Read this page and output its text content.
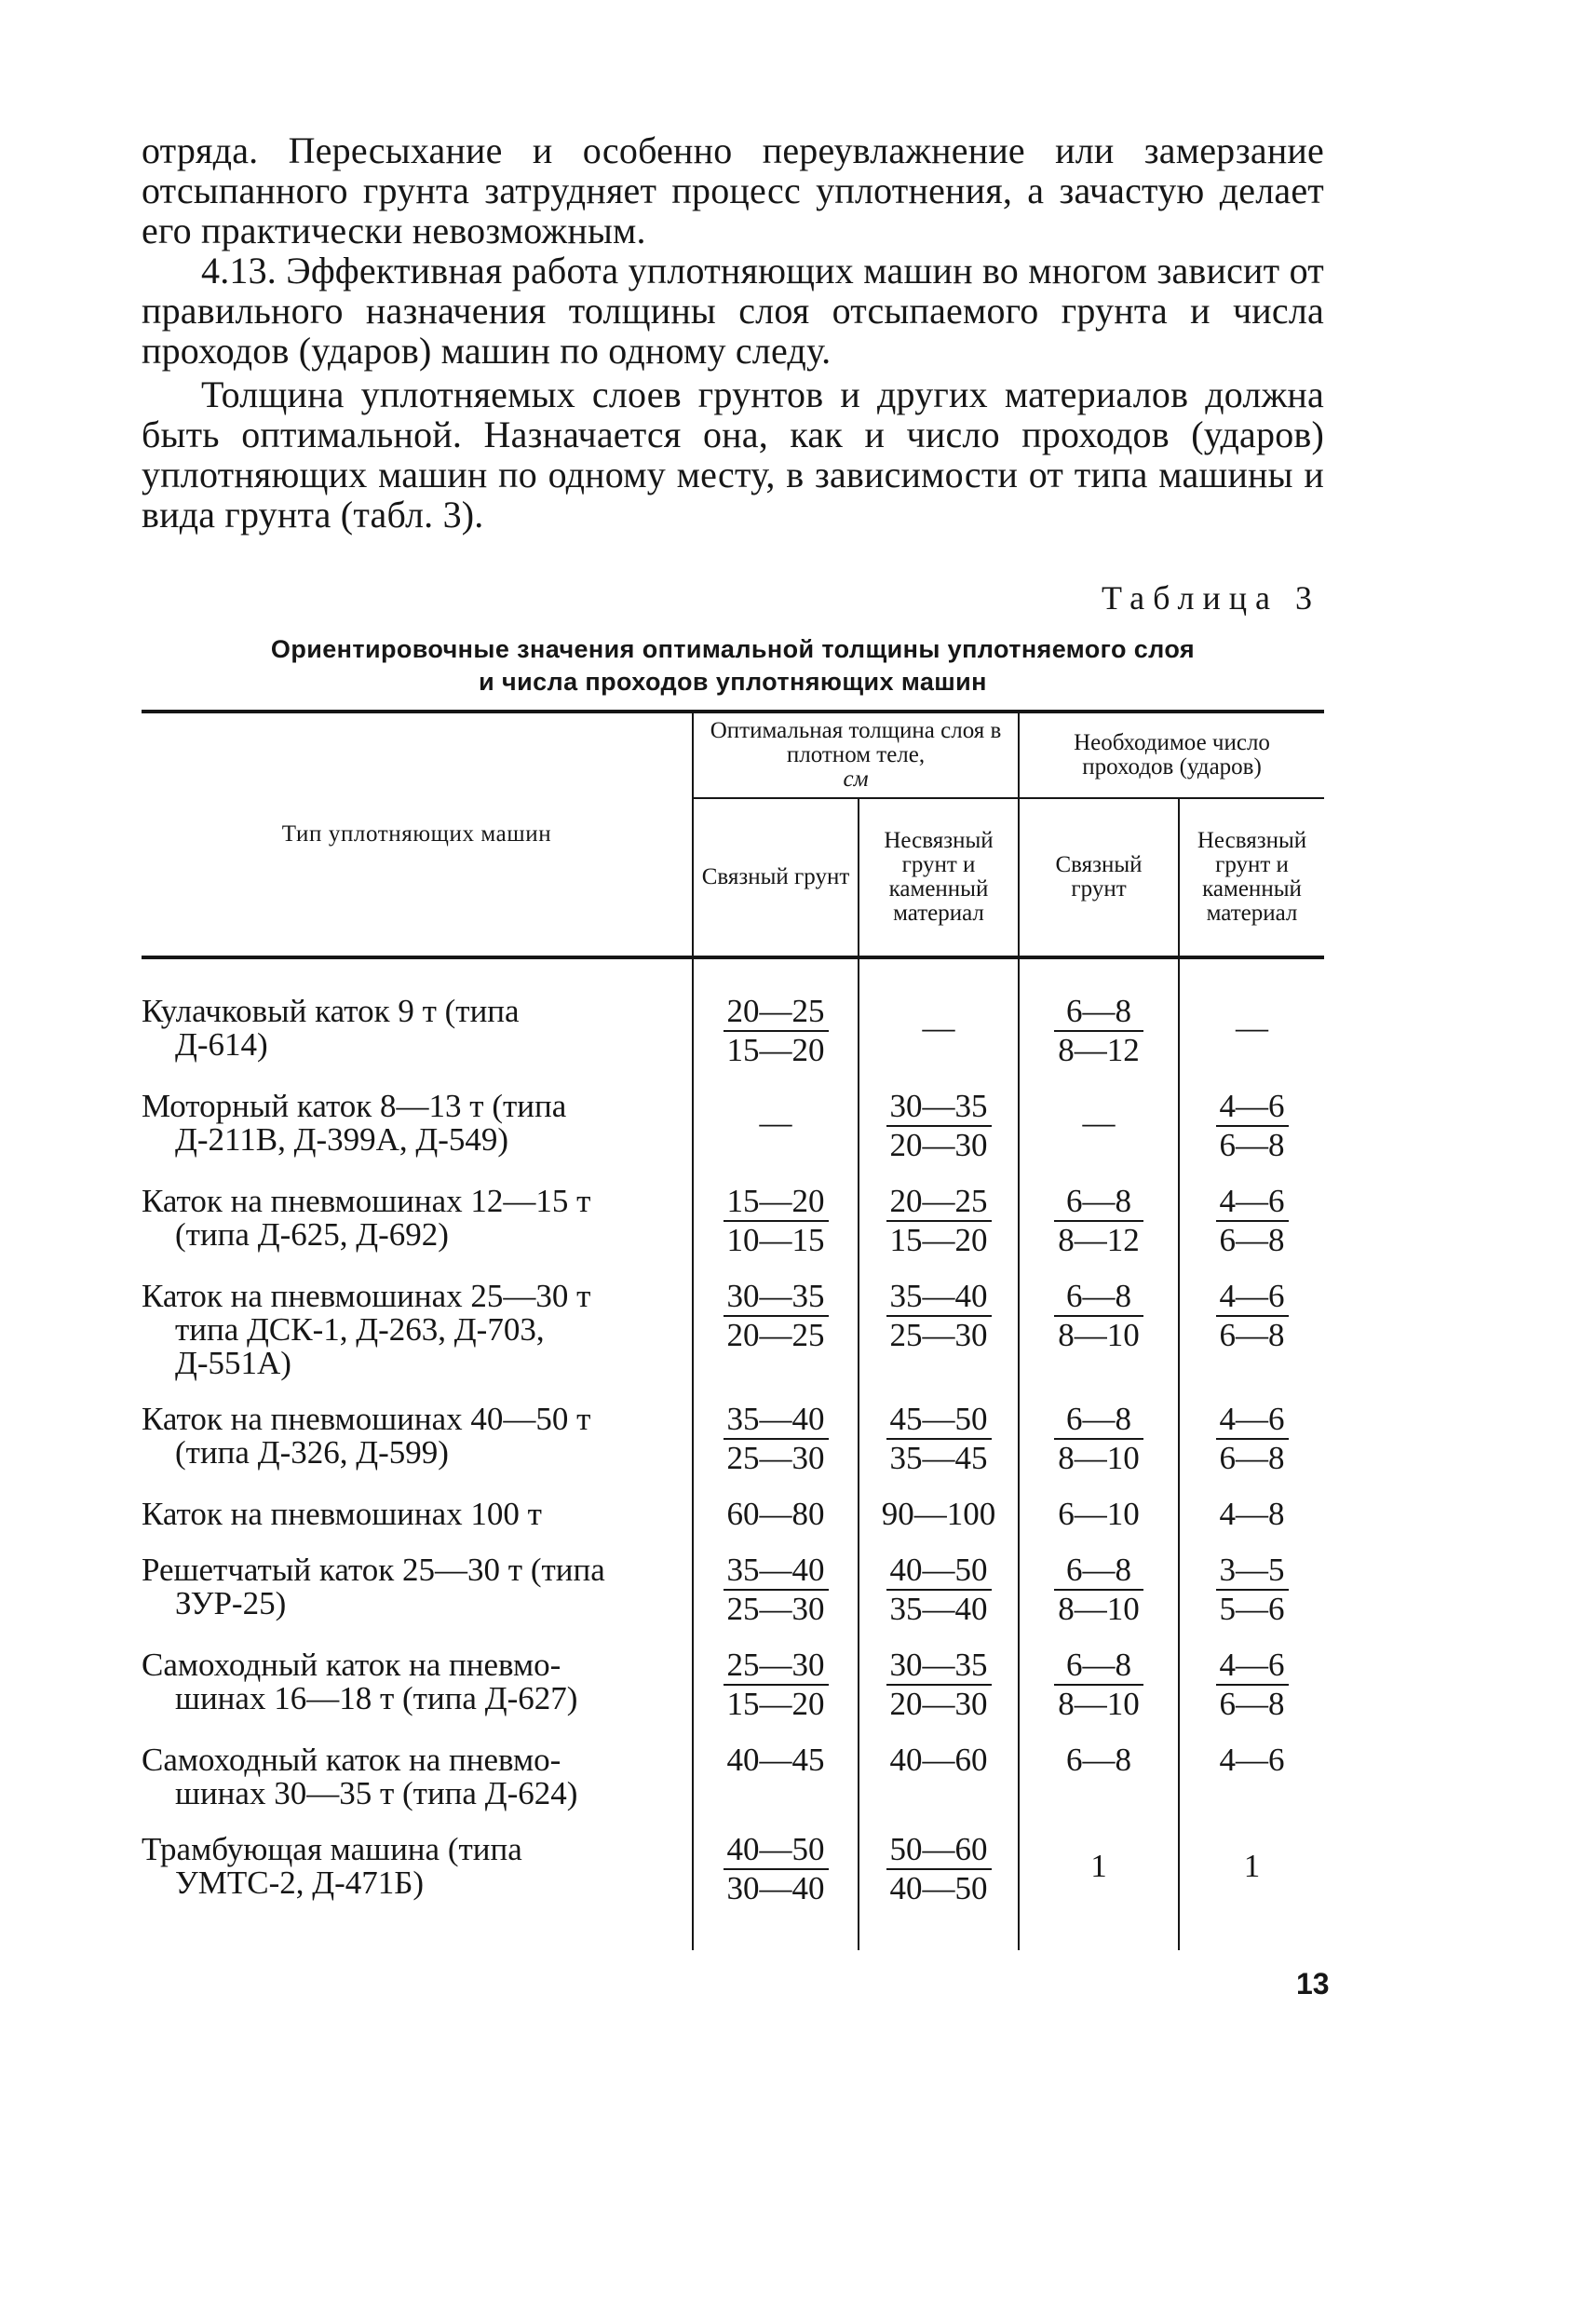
отряда. Пересыхание и особенно переувлажнение или замерзание отсыпанного грунта затрудняет процесс уплотнения, а зачастую делает его практически невозможным.

4.13. Эффективная работа уплотняющих машин во многом зависит от правильного назначения толщины слоя отсыпаемого грунта и числа проходов (ударов) машин по одному следу.

Толщина уплотняемых слоев грунтов и других материалов должна быть оптимальной. Назначается она, как и число проходов (ударов) уплотняющих машин по одному месту, в зависимости от типа машины и вида грунта (табл. 3).

Таблица 3

Ориентировочные значения оптимальной толщины уплотняемого слоя
и числа проходов уплотняющих машин

Тип уплотняющих машин	Оптимальная толщина слоя в плотном теле,
см		Необходимое число проходов (ударов)	
	Связный грунт	Несвязный грунт и каменный материал	Связный грунт	Несвязный грунт и каменный материал

Кулачковый каток 9 т (типа
Д-614)	$\frac{20—25}{15—20}$	—	$\frac{6—8}{8—12}$	—

Моторный каток 8—13 т (типа
Д-211В, Д-399А, Д-549)	—	$\frac{30—35}{20—30}$	—	$\frac{4—6}{6—8}$

Каток на пневмошинах 12—15 т
(типа Д-625, Д-692)	$\frac{15—20}{10—15}$	$\frac{20—25}{15—20}$	$\frac{6—8}{8—12}$	$\frac{4—6}{6—8}$

Каток на пневмошинах 25—30 т
типа ДСК-1, Д-263, Д-703,
Д-551А)	$\frac{30—35}{20—25}$	$\frac{35—40}{25—30}$	$\frac{6—8}{8—10}$	$\frac{4—6}{6—8}$

Каток на пневмошинах 40—50 т
(типа Д-326, Д-599)	$\frac{35—40}{25—30}$	$\frac{45—50}{35—45}$	$\frac{6—8}{8—10}$	$\frac{4—6}{6—8}$

Каток на пневмошинах 100 т	60—80	90—100	6—10	4—8

Решетчатый каток 25—30 т (типа
ЗУР-25)	$\frac{35—40}{25—30}$	$\frac{40—50}{35—40}$	$\frac{6—8}{8—10}$	$\frac{3—5}{5—6}$

Самоходный каток на пневмо-
шинах 16—18 т (типа Д-627)	$\frac{25—30}{15—20}$	$\frac{30—35}{20—30}$	$\frac{6—8}{8—10}$	$\frac{4—6}{6—8}$

Самоходный каток на пневмо-
шинах 30—35 т (типа Д-624)	40—45	40—60	6—8	4—6

Трамбующая машина (типа
УМТС-2, Д-471Б)	$\frac{40—50}{30—40}$	$\frac{50—60}{40—50}$	1	1
13
